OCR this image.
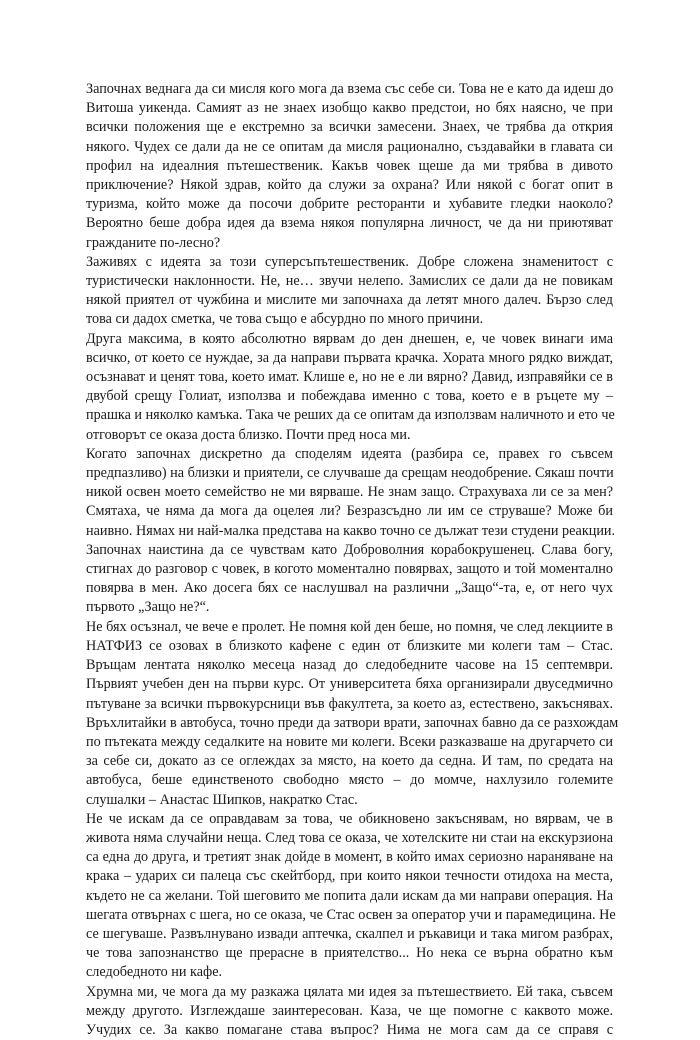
Започнах веднага да си мисля кого мога да взема със себе си. Това не е като да идеш до
Витоша уикенда. Самият аз не знаех изобщо какво предстои, но бях наясно, че при
всички положения ще е екстремно за всички замесени. Знаех, че трябва да открия
някого. Чудех се дали да не се опитам да мисля рационално, създавайки в главата си
профил на идеалния пътешественик. Какъв човек щеше да ми трябва в дивото
приключение? Някой здрав, който да служи за охрана? Или някой с богат опит в
туризма, който може да посочи добрите ресторанти и хубавите гледки наоколо?
Вероятно беше добра идея да взема някоя популярна личност, че да ни приютяват
гражданите по-лесно?
Заживях с идеята за този суперсъпътешественик. Добре сложена знаменитост с
туристически наклонности. Не, не… звучи нелепо. Замислих се дали да не повикам
някой приятел от чужбина и мислите ми започнаха да летят много далеч. Бързо след
това си дадох сметка, че това също е абсурдно по много причини.
Друга максима, в която абсолютно вярвам до ден днешен, е, че човек винаги има
всичко, от което се нуждае, за да направи първата крачка. Хората много рядко виждат,
осъзнават и ценят това, което имат. Клише е, но не е ли вярно? Давид, изправяйки се в
двубой срещу Голиат, използва и побеждава именно с това, което е в ръцете му –
прашка и няколко камъка. Така че реших да се опитам да използвам наличното и ето че
отговорът се оказа доста близко. Почти пред носа ми.
Когато започнах дискретно да споделям идеята (разбира се, правех го съвсем
предпазливо) на близки и приятели, се случваше да срещам неодобрение. Сякаш почти
никой освен моето семейство не ми вярваше. Не знам защо. Страхуваха ли се за мен?
Смятаха, че няма да мога да оцелея ли? Безразсъдно ли им се струваше? Може би
наивно. Нямах ни най-малка представа на какво точно се дължат тези студени реакции.
Започнах наистина да се чувствам като Доброволния корабокрушенец. Слава богу,
стигнах до разговор с човек, в когото моментално повярвах, защото и той моментално
повярва в мен. Ако досега бях се наслушвал на различни „Защо“-та, е, от него чух
първото „Защо не?“.
Не бях осъзнал, че вече е пролет. Не помня кой ден беше, но помня, че след лекциите в
НАТФИЗ се озовах в близкото кафене с един от близките ми колеги там – Стас.
Връщам лентата няколко месеца назад до следобедните часове на 15 септември.
Първият учебен ден на първи курс. От университета бяха организирали двуседмично
пътуване за всички първокурсници във факултета, за което аз, естествено, закъснявах.
Връхлитайки в автобуса, точно преди да затвори врати, започнах бавно да се разхождам
по пътеката между седалките на новите ми колеги. Всеки разказваше на другарчето си
за себе си, докато аз се оглеждах за място, на което да седна. И там, по средата на
автобуса, беше единственото свободно място – до момче, нахлузило големите
слушалки – Анастас Шипков, накратко Стас.
Не че искам да се оправдавам за това, че обикновено закъснявам, но вярвам, че в
живота няма случайни неща. След това се оказа, че хотелските ни стаи на екскурзиона
са една до друга, и третият знак дойде в момент, в който имах сериозно нараняване на
крака – ударих си палеца със скейтборд, при които някои течности отидоха на места,
където не са желани. Той шеговито ме попита дали искам да ми направи операция. На
шегата отвърнах с шега, но се оказа, че Стас освен за оператор учи и парамедицина. Не
се шегуваше. Развълнувано извади аптечка, скалпел и ръкавици и така мигом разбрах,
че това запознанство ще прерасне в приятелство... Но нека се върна обратно към
следобедното ни кафе.
Хрумна ми, че мога да му разкажа цялата ми идея за пътешествието. Ей така, съвсем
между другото. Изглеждаше заинтересован. Каза, че ще помогне с каквото може.
Учудих се. За какво помагане става въпрос? Нима не мога сам да се справя с
